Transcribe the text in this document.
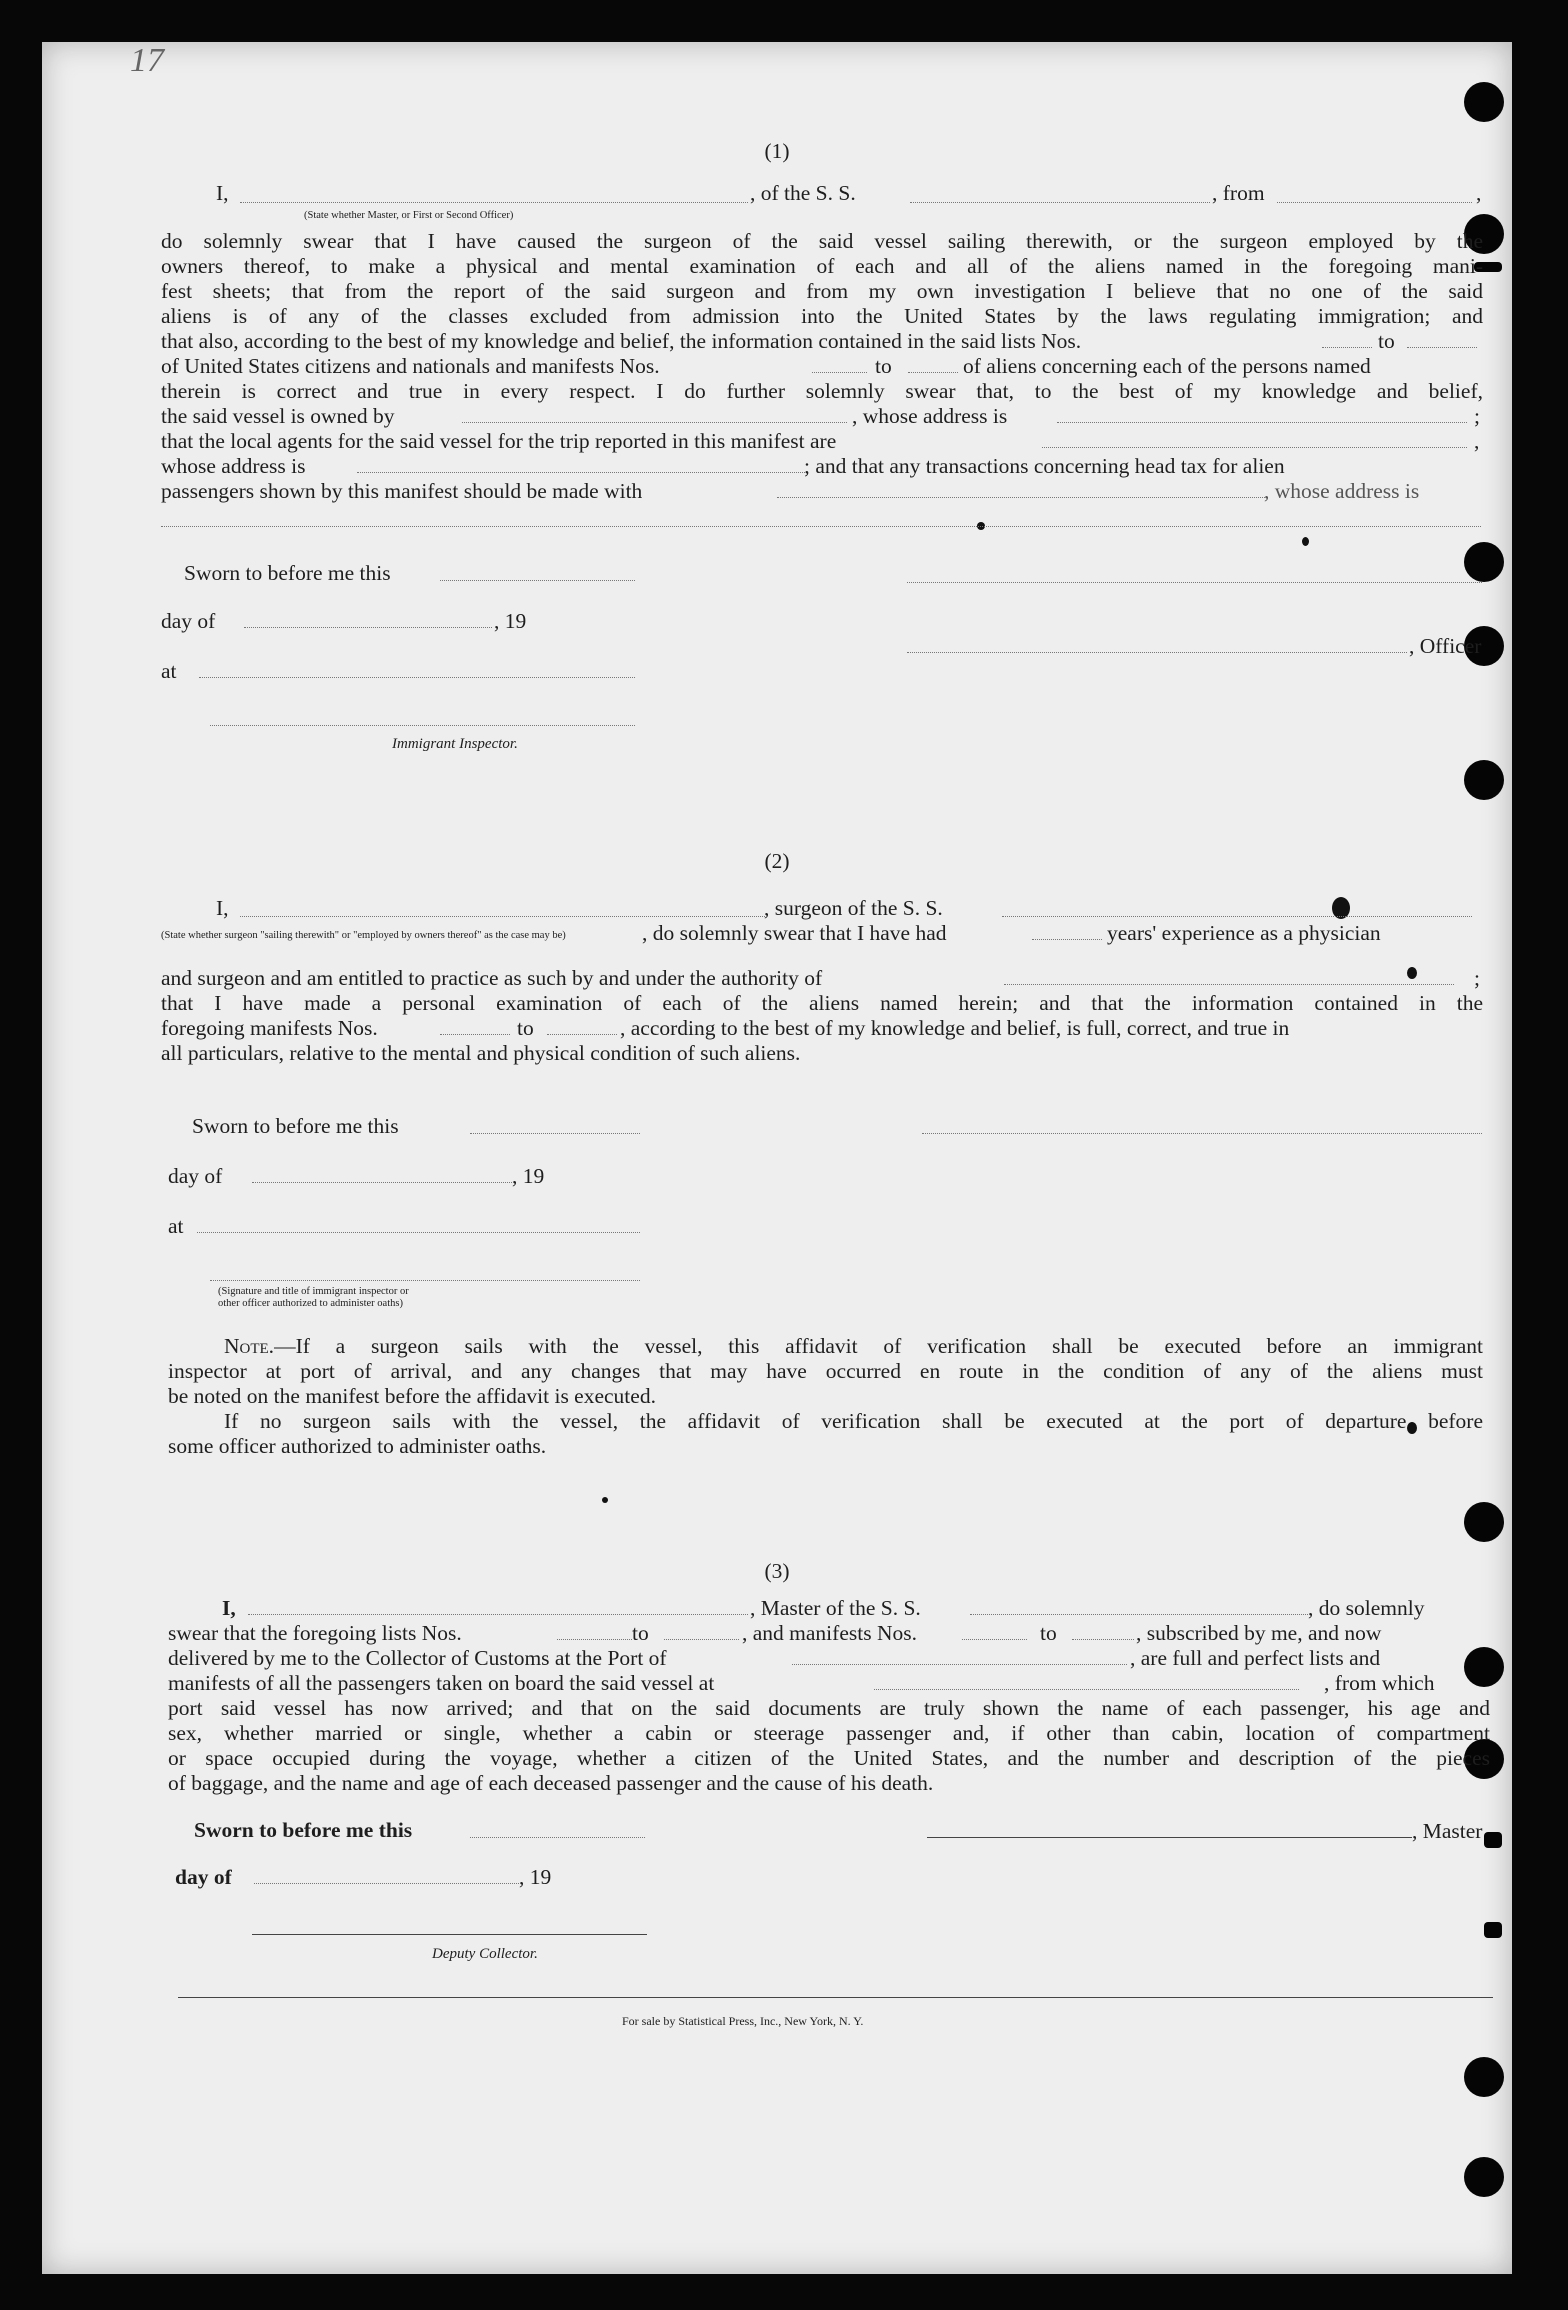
17
(1)
I,
(State whether Master, or First or Second Officer)
, of the S. S.	, from	,
do solemnly swear that I have caused the surgeon of the said vessel sailing therewith, or the surgeon employed by the
owners thereof, to make a physical and mental examination of each and all of the aliens named in the foregoing mani-
fest sheets; that from the report of the said surgeon and from my own investigation I believe that no one of the said
aliens is of any of the classes excluded from admission into the United States by the laws regulating immigration; and
that also, according to the best of my knowledge and belief, the information contained in the said lists Nos.	to
of United States citizens and nationals and manifests Nos.	to	of aliens concerning each of the persons named
therein is correct and true in every respect. I do further solemnly swear that, to the best of my knowledge and belief,
the said vessel is owned by	, whose address is	;
that the local agents for the said vessel for the trip reported in this manifest are	,
whose address is	; and that any transactions concerning head tax for alien
passengers shown by this manifest should be made with	, whose address is
Sworn to before me this
day of	, 19
, Officer
at
Immigrant Inspector.
(2)
I,	, surgeon of the S. S.
(State whether surgeon "sailing therewith" or "employed by owners thereof" as the case may be)	, do solemnly swear that I have had	years' experience as a physician
and surgeon and am entitled to practice as such by and under the authority of	;
that I have made a personal examination of each of the aliens named herein; and that the information contained in the
foregoing manifests Nos.	to	, according to the best of my knowledge and belief, is full, correct, and true in
all particulars, relative to the mental and physical condition of such aliens.
Sworn to before me this
day of	, 19
at
(Signature and title of immigrant inspector or
other officer authorized to administer oaths)
Note.—If a surgeon sails with the vessel, this affidavit of verification shall be executed before an immigrant
inspector at port of arrival, and any changes that may have occurred en route in the condition of any of the aliens must
be noted on the manifest before the affidavit is executed.
If no surgeon sails with the vessel, the affidavit of verification shall be executed at the port of departure before
some officer authorized to administer oaths.
(3)
I,	, Master of the S. S.	, do solemnly
swear that the foregoing lists Nos.	to	, and manifests Nos.	to	, subscribed by me, and now
delivered by me to the Collector of Customs at the Port of	, are full and perfect lists and
manifests of all the passengers taken on board the said vessel at	, from which
port said vessel has now arrived; and that on the said documents are truly shown the name of each passenger, his age and
sex, whether married or single, whether a cabin or steerage passenger and, if other than cabin, location of compartment
or space occupied during the voyage, whether a citizen of the United States, and the number and description of the pieces
of baggage, and the name and age of each deceased passenger and the cause of his death.
Sworn to before me this	, Master
day of	, 19
Deputy Collector.
For sale by Statistical Press, Inc., New York, N. Y.
